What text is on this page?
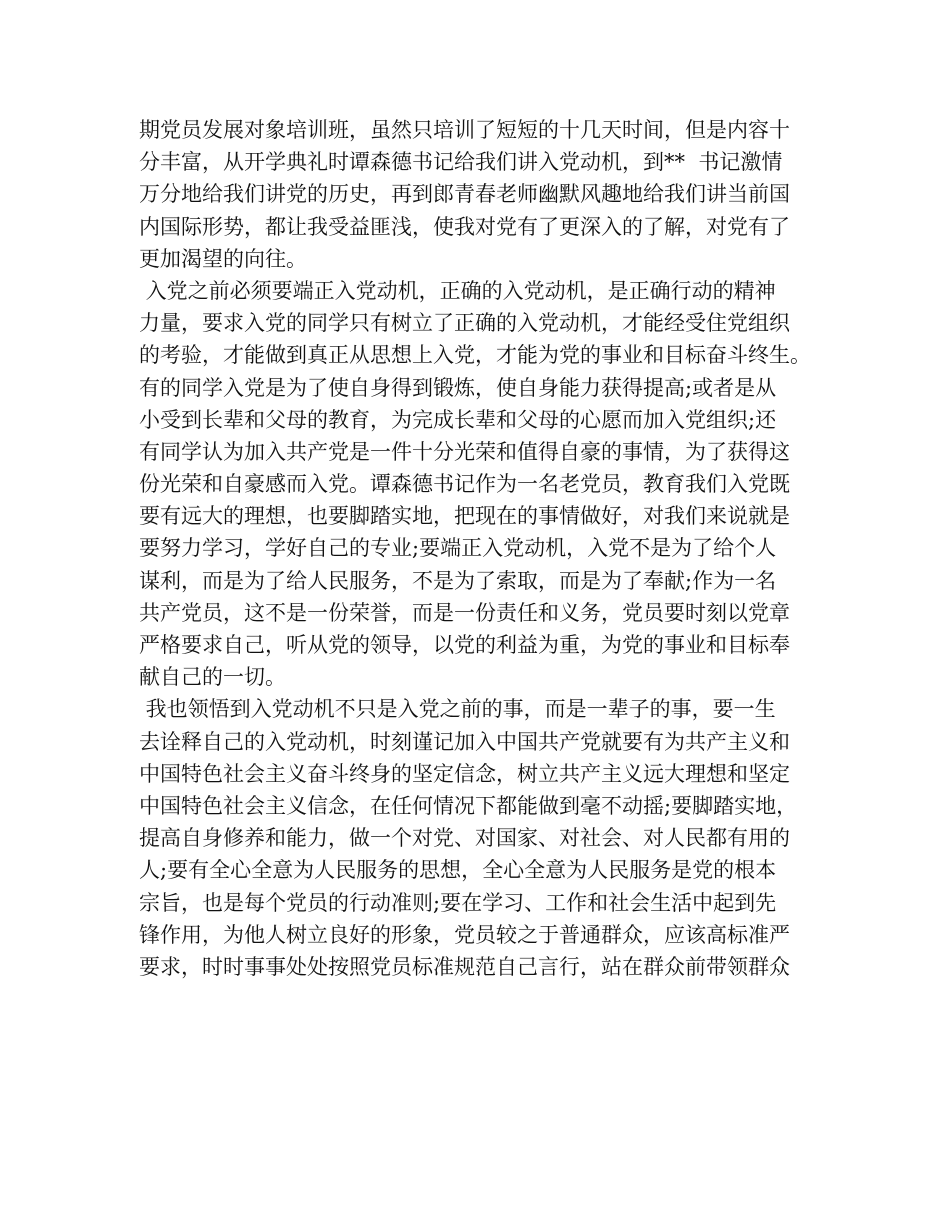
期党员发展对象培训班，虽然只培训了短短的十几天时间，但是内容十
分丰富，从开学典礼时谭森德书记给我们讲入党动机，到**  书记激情
万分地给我们讲党的历史，再到郎青春老师幽默风趣地给我们讲当前国
内国际形势，都让我受益匪浅，使我对党有了更深入的了解，对党有了
更加渴望的向往。
入党之前必须要端正入党动机，正确的入党动机，是正确行动的精神
力量，要求入党的同学只有树立了正确的入党动机，才能经受住党组织
的考验，才能做到真正从思想上入党，才能为党的事业和目标奋斗终生。
有的同学入党是为了使自身得到锻炼，使自身能力获得提高;或者是从
小受到长辈和父母的教育，为完成长辈和父母的心愿而加入党组织;还
有同学认为加入共产党是一件十分光荣和值得自豪的事情，为了获得这
份光荣和自豪感而入党。谭森德书记作为一名老党员，教育我们入党既
要有远大的理想，也要脚踏实地，把现在的事情做好，对我们来说就是
要努力学习，学好自己的专业;要端正入党动机，入党不是为了给个人
谋利，而是为了给人民服务，不是为了索取，而是为了奉献;作为一名
共产党员，这不是一份荣誉，而是一份责任和义务，党员要时刻以党章
严格要求自己，听从党的领导，以党的利益为重，为党的事业和目标奉
献自己的一切。
我也领悟到入党动机不只是入党之前的事，而是一辈子的事，要一生
去诠释自己的入党动机，时刻谨记加入中国共产党就要有为共产主义和
中国特色社会主义奋斗终身的坚定信念，树立共产主义远大理想和坚定
中国特色社会主义信念，在任何情况下都能做到毫不动摇;要脚踏实地，
提高自身修养和能力，做一个对党、对国家、对社会、对人民都有用的
人;要有全心全意为人民服务的思想，全心全意为人民服务是党的根本
宗旨，也是每个党员的行动准则;要在学习、工作和社会生活中起到先
锋作用，为他人树立良好的形象，党员较之于普通群众，应该高标准严
要求，时时事事处处按照党员标准规范自己言行，站在群众前带领群众
